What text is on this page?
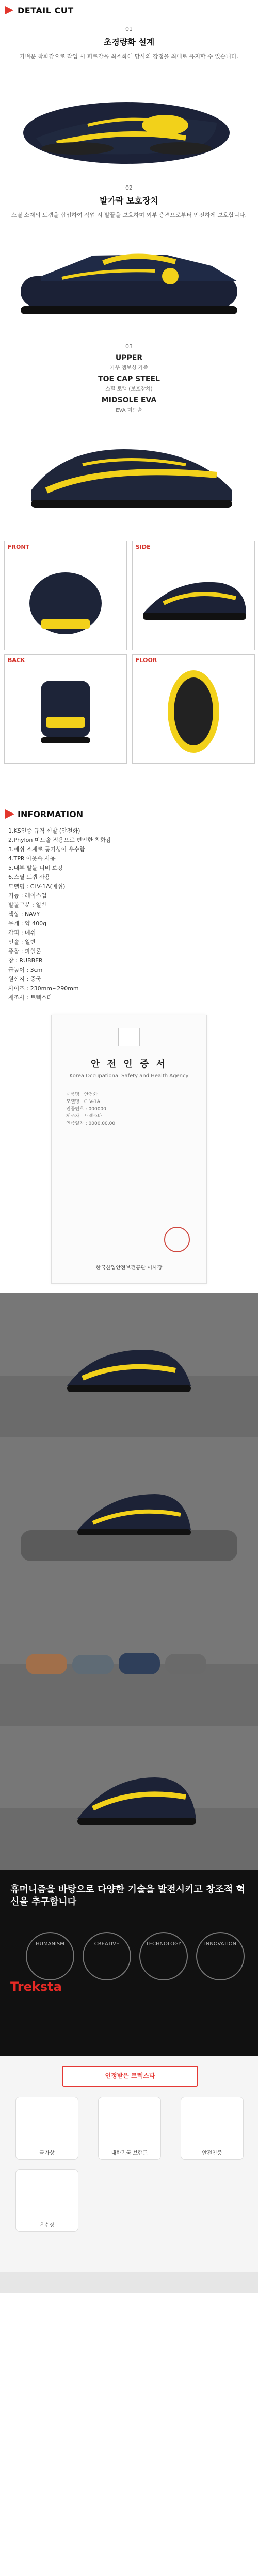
DETAIL CUT
01
초경량화 설계
가벼운 착화감으로 작업 시 피로감을 최소화해 당사의 장점을 최대로 유지할 수 있습니다.
02
발가락 보호장치
스틸 소재의 토캡을 삽입하여 작업 시 발끝을 보호하며 외부 충격으로부터 안전하게 보호합니다.
03
UPPER
카우 엠보싱 가죽
TOE CAP STEEL
스틸 토캡 (보호장치)
MIDSOLE EVA
EVA 미드솔
FRONT	SIDE
BACK	FLOOR
INFORMATION
1.KS인증 규격 신발 (안전화)
2.Phylon 미드솔 적용으로 편안한 착화감
3.메쉬 소재로 통기성이 우수함
4.TPR 아웃솔 사용
5.내부 발볼 너비 보강
6.스틸 토캡 사용
모델명 : CLV-1A(메쉬)
기능 : 레이스업
발볼구분 : 일반
색상 : NAVY
무게 : 약 400g
갑피 : 메쉬
인솔 : 일반
중창 : 파일론
창 : RUBBER
굽높이 : 3cm
원산지 : 중국
사이즈 : 230mm~290mm
제조사 : 트렉스타
안 전 인 증 서
Korea Occupational Safety and Health Agency
제품명 : 안전화
모델명 : CLV-1A
인증번호 : 000000
제조자 : 트렉스타
인증일자 : 0000.00.00
한국산업안전보건공단 이사장
휴머니즘을 바탕으로 다양한 기술을 발전시키고 창조적 혁신을 추구합니다
HUMANISM	CREATIVE	TECHNOLOGY	INNOVATION
Treksta
인정받은 트렉스타
국가상	대한민국 브랜드	안전인증
우수상
